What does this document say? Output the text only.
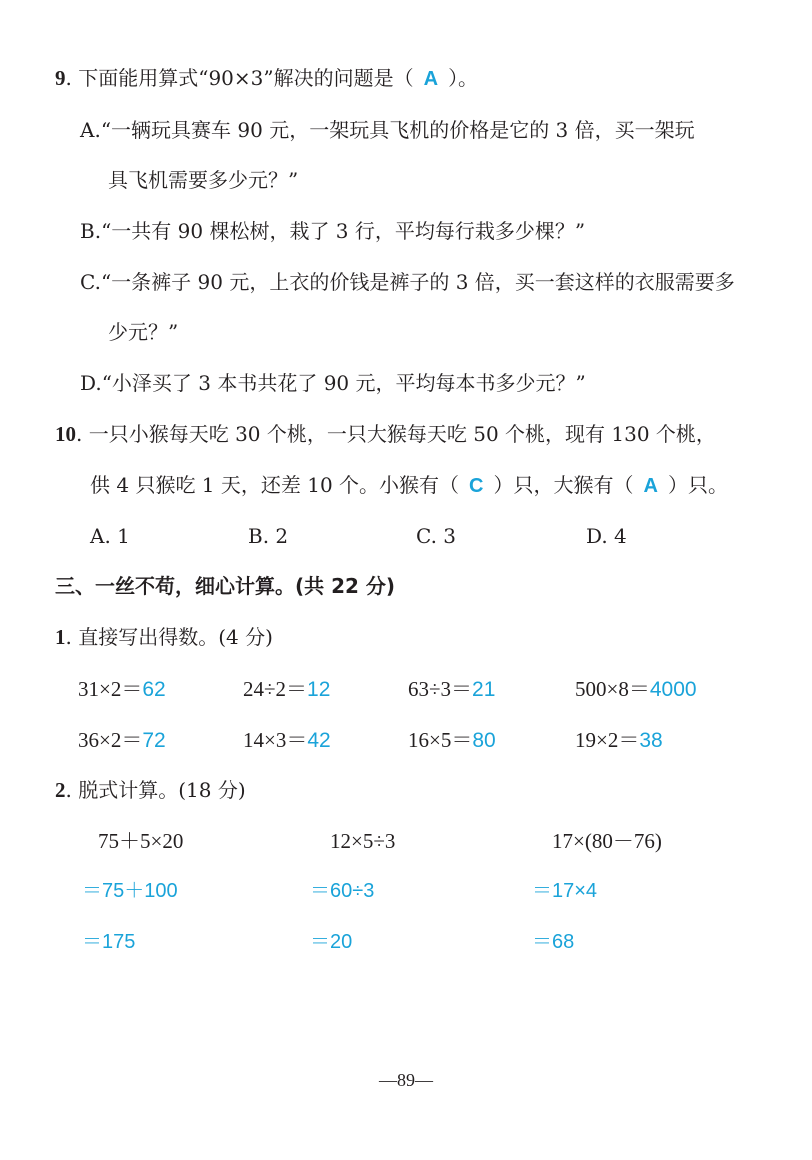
9. 下面能用算式“90×3”解决的问题是（ A ）。
A.“一辆玩具赛车 90 元，一架玩具飞机的价格是它的 3 倍，买一架玩
具飞机需要多少元？”
B.“一共有 90 棵松树，栽了 3 行，平均每行栽多少棵？”
C.“一条裤子 90 元，上衣的价钱是裤子的 3 倍，买一套这样的衣服需要多
少元？”
D.“小泽买了 3 本书共花了 90 元，平均每本书多少元？”
10. 一只小猴每天吃 30 个桃，一只大猴每天吃 50 个桃，现有 130 个桃，
供 4 只猴吃 1 天，还差 10 个。小猴有（ C ）只，大猴有（ A ）只。
A. 1	B. 2	C. 3	D. 4
三、一丝不苟，细心计算。(共 22 分)
1. 直接写出得数。(4 分)
31×2＝62	24÷2＝12	63÷3＝21	500×8＝4000
36×2＝72	14×3＝42	16×5＝80	19×2＝38
2. 脱式计算。(18 分)
75＋5×20	12×5÷3	17×(80－76)
＝75＋100	＝60÷3	＝17×4
＝175	＝20	＝68
—89—
